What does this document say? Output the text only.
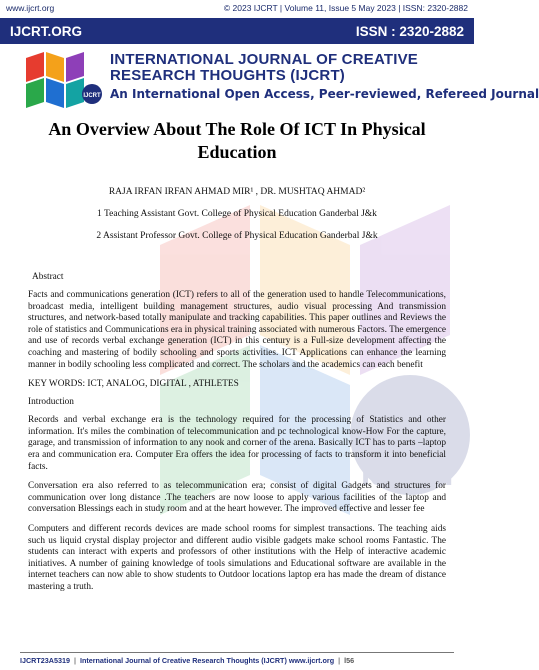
www.ijcrt.org	© 2023 IJCRT | Volume 11, Issue 5 May 2023 | ISSN: 2320-2882
IJCRT.ORG	ISSN : 2320-2882
IJCRT
INTERNATIONAL JOURNAL OF CREATIVE RESEARCH THOUGHTS (IJCRT)
An International Open Access, Peer-reviewed, Refereed Journal
IJCRT
An Overview About The Role Of ICT In Physical Education
RAJA IRFAN IRFAN AHMAD MIR¹ , DR. MUSHTAQ AHMAD²
1 Teaching Assistant Govt. College of Physical Education Ganderbal J&k
2 Assistant Professor Govt. College of Physical Education Ganderbal J&k
Abstract

Facts and communications generation (ICT) refers to all of the generation used to handle Telecommunications, broadcast media, intelligent building management structures, audio visual processing And transmission structures, and network-based totally manipulate and tracking capabilities. This paper outlines and Reviews the role of statistics and Communications era in physical training associated with numerous Factors. The emergence and use of records verbal exchange generation (ICT) in this century is a Full-size development affecting the coaching and mastering of bodily schooling and sports activities. ICT Applications can enhance the learning manner in bodily schooling less complicated and correct. The scholars and the academics can each benefit

KEY WORDS: ICT, ANALOG, DIGITAL , ATHLETES
Introduction

Records and verbal exchange era is the technology required for the processing of Statistics and other information. It's miles the combination of telecommunication and pc technological know-How For the capture, garage, and transmission of information to any nook and corner of the arena. Basically ICT has to parts –laptop era and communication era. Computer Era offers the idea for processing of facts to transform it into beneficial facts.

Conversation era also referred to as telecommunication era; consist of digital Gadgets and structures for communication over long distance .The teachers are now loose to apply various facilities of the laptop and conversation Blessings each in study room and at the heart however. The improved effective and lesser fee

Computers and different records devices are made school rooms for simplest transactions. The teaching aids such us liquid crystal display projector and different audio visible gadgets make school rooms Fantastic. The students can interact with experts and professors of other institutions with the Help of interactive academic initiatives. A number of gaining knowledge of tools simulations and Educational software are available in the internet teachers can now able to show students to Outdoor locations laptop era has made the dream of distance mastering a truth.

IJCRT23A5319 | International Journal of Creative Research Thoughts (IJCRT) www.ijcrt.org | l56
